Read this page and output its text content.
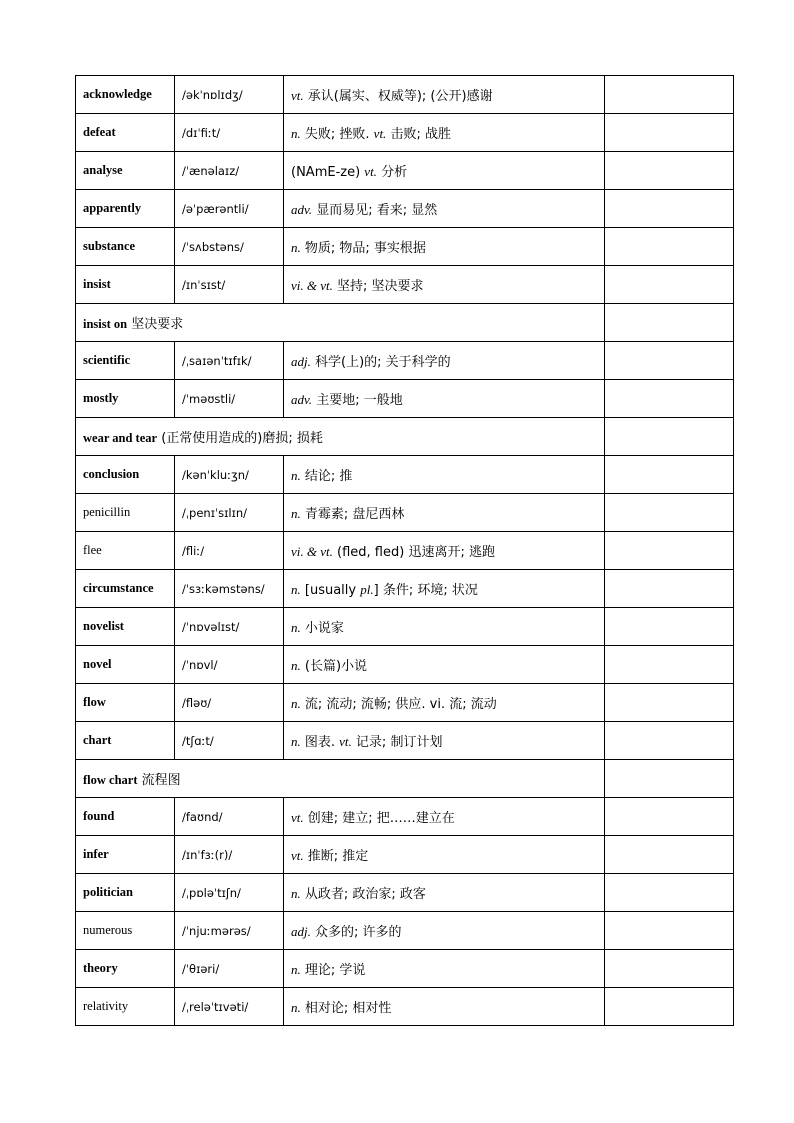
acknowledge	/əkˈnɒlɪdʒ/	vt. 承认(属实、权威等); (公开)感谢	
defeat	/dɪˈfiːt/	n. 失败; 挫败. vt. 击败; 战胜	
analyse	/ˈænəlaɪz/	(NAmE-ze) vt. 分析	
apparently	/əˈpærəntli/	adv. 显而易见; 看来; 显然	
substance	/ˈsʌbstəns/	n. 物质; 物品; 事实根据	
insist	/ɪnˈsɪst/	vi. & vt. 坚持; 坚决要求	
insist on 坚决要求			
scientific	/ˌsaɪənˈtɪfɪk/	adj. 科学(上)的; 关于科学的	
mostly	/ˈməʊstli/	adv. 主要地; 一般地	
wear and tear (正常使用造成的)磨损; 损耗			
conclusion	/kənˈkluːʒn/	n. 结论; 推	
penicillin	/ˌpenɪˈsɪlɪn/	n. 青霉素; 盘尼西林	
flee	/fliː/	vi. & vt. (fled, fled) 迅速离开; 逃跑	
circumstance	/ˈsɜːkəmstəns/	n. [usually pl.] 条件; 环境; 状况	
novelist	/ˈnɒvəlɪst/	n. 小说家	
novel	/ˈnɒvl/	n. (长篇)小说	
flow	/fləʊ/	n. 流; 流动; 流畅; 供应. vi. 流; 流动	
chart	/tʃɑːt/	n. 图表. vt. 记录; 制订计划	
flow chart 流程图			
found	/faʊnd/	vt. 创建; 建立; 把……建立在	
infer	/ɪnˈfɜː(r)/	vt. 推断; 推定	
politician	/ˌpɒləˈtɪʃn/	n. 从政者; 政治家; 政客	
numerous	/ˈnjuːmərəs/	adj. 众多的; 许多的	
theory	/ˈθɪəri/	n. 理论; 学说	
relativity	/ˌreləˈtɪvəti/	n. 相对论; 相对性	
